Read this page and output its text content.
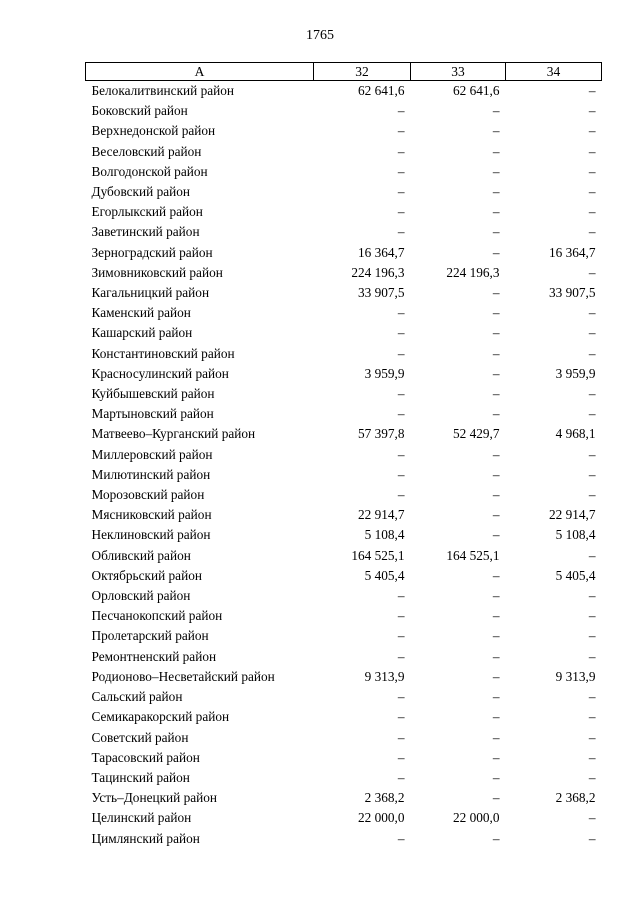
1765
А	32	33	34
Белокалитвинский район	62 641,6	62 641,6	–
Боковский район	–	–	–
Верхнедонской район	–	–	–
Веселовский район	–	–	–
Волгодонской район	–	–	–
Дубовский район	–	–	–
Егорлыкский район	–	–	–
Заветинский район	–	–	–
Зерноградский район	16 364,7	–	16 364,7
Зимовниковский район	224 196,3	224 196,3	–
Кагальницкий район	33 907,5	–	33 907,5
Каменский район	–	–	–
Кашарский район	–	–	–
Константиновский район	–	–	–
Красносулинский район	3 959,9	–	3 959,9
Куйбышевский район	–	–	–
Мартыновский район	–	–	–
Матвеево–Курганский район	57 397,8	52 429,7	4 968,1
Миллеровский район	–	–	–
Милютинский район	–	–	–
Морозовский район	–	–	–
Мясниковский район	22 914,7	–	22 914,7
Неклиновский район	5 108,4	–	5 108,4
Обливский район	164 525,1	164 525,1	–
Октябрьский район	5 405,4	–	5 405,4
Орловский район	–	–	–
Песчанокопский район	–	–	–
Пролетарский район	–	–	–
Ремонтненский район	–	–	–
Родионово–Несветайский район	9 313,9	–	9 313,9
Сальский район	–	–	–
Семикаракорский район	–	–	–
Советский район	–	–	–
Тарасовский район	–	–	–
Тацинский район	–	–	–
Усть–Донецкий район	2 368,2	–	2 368,2
Целинский район	22 000,0	22 000,0	–
Цимлянский район	–	–	–
